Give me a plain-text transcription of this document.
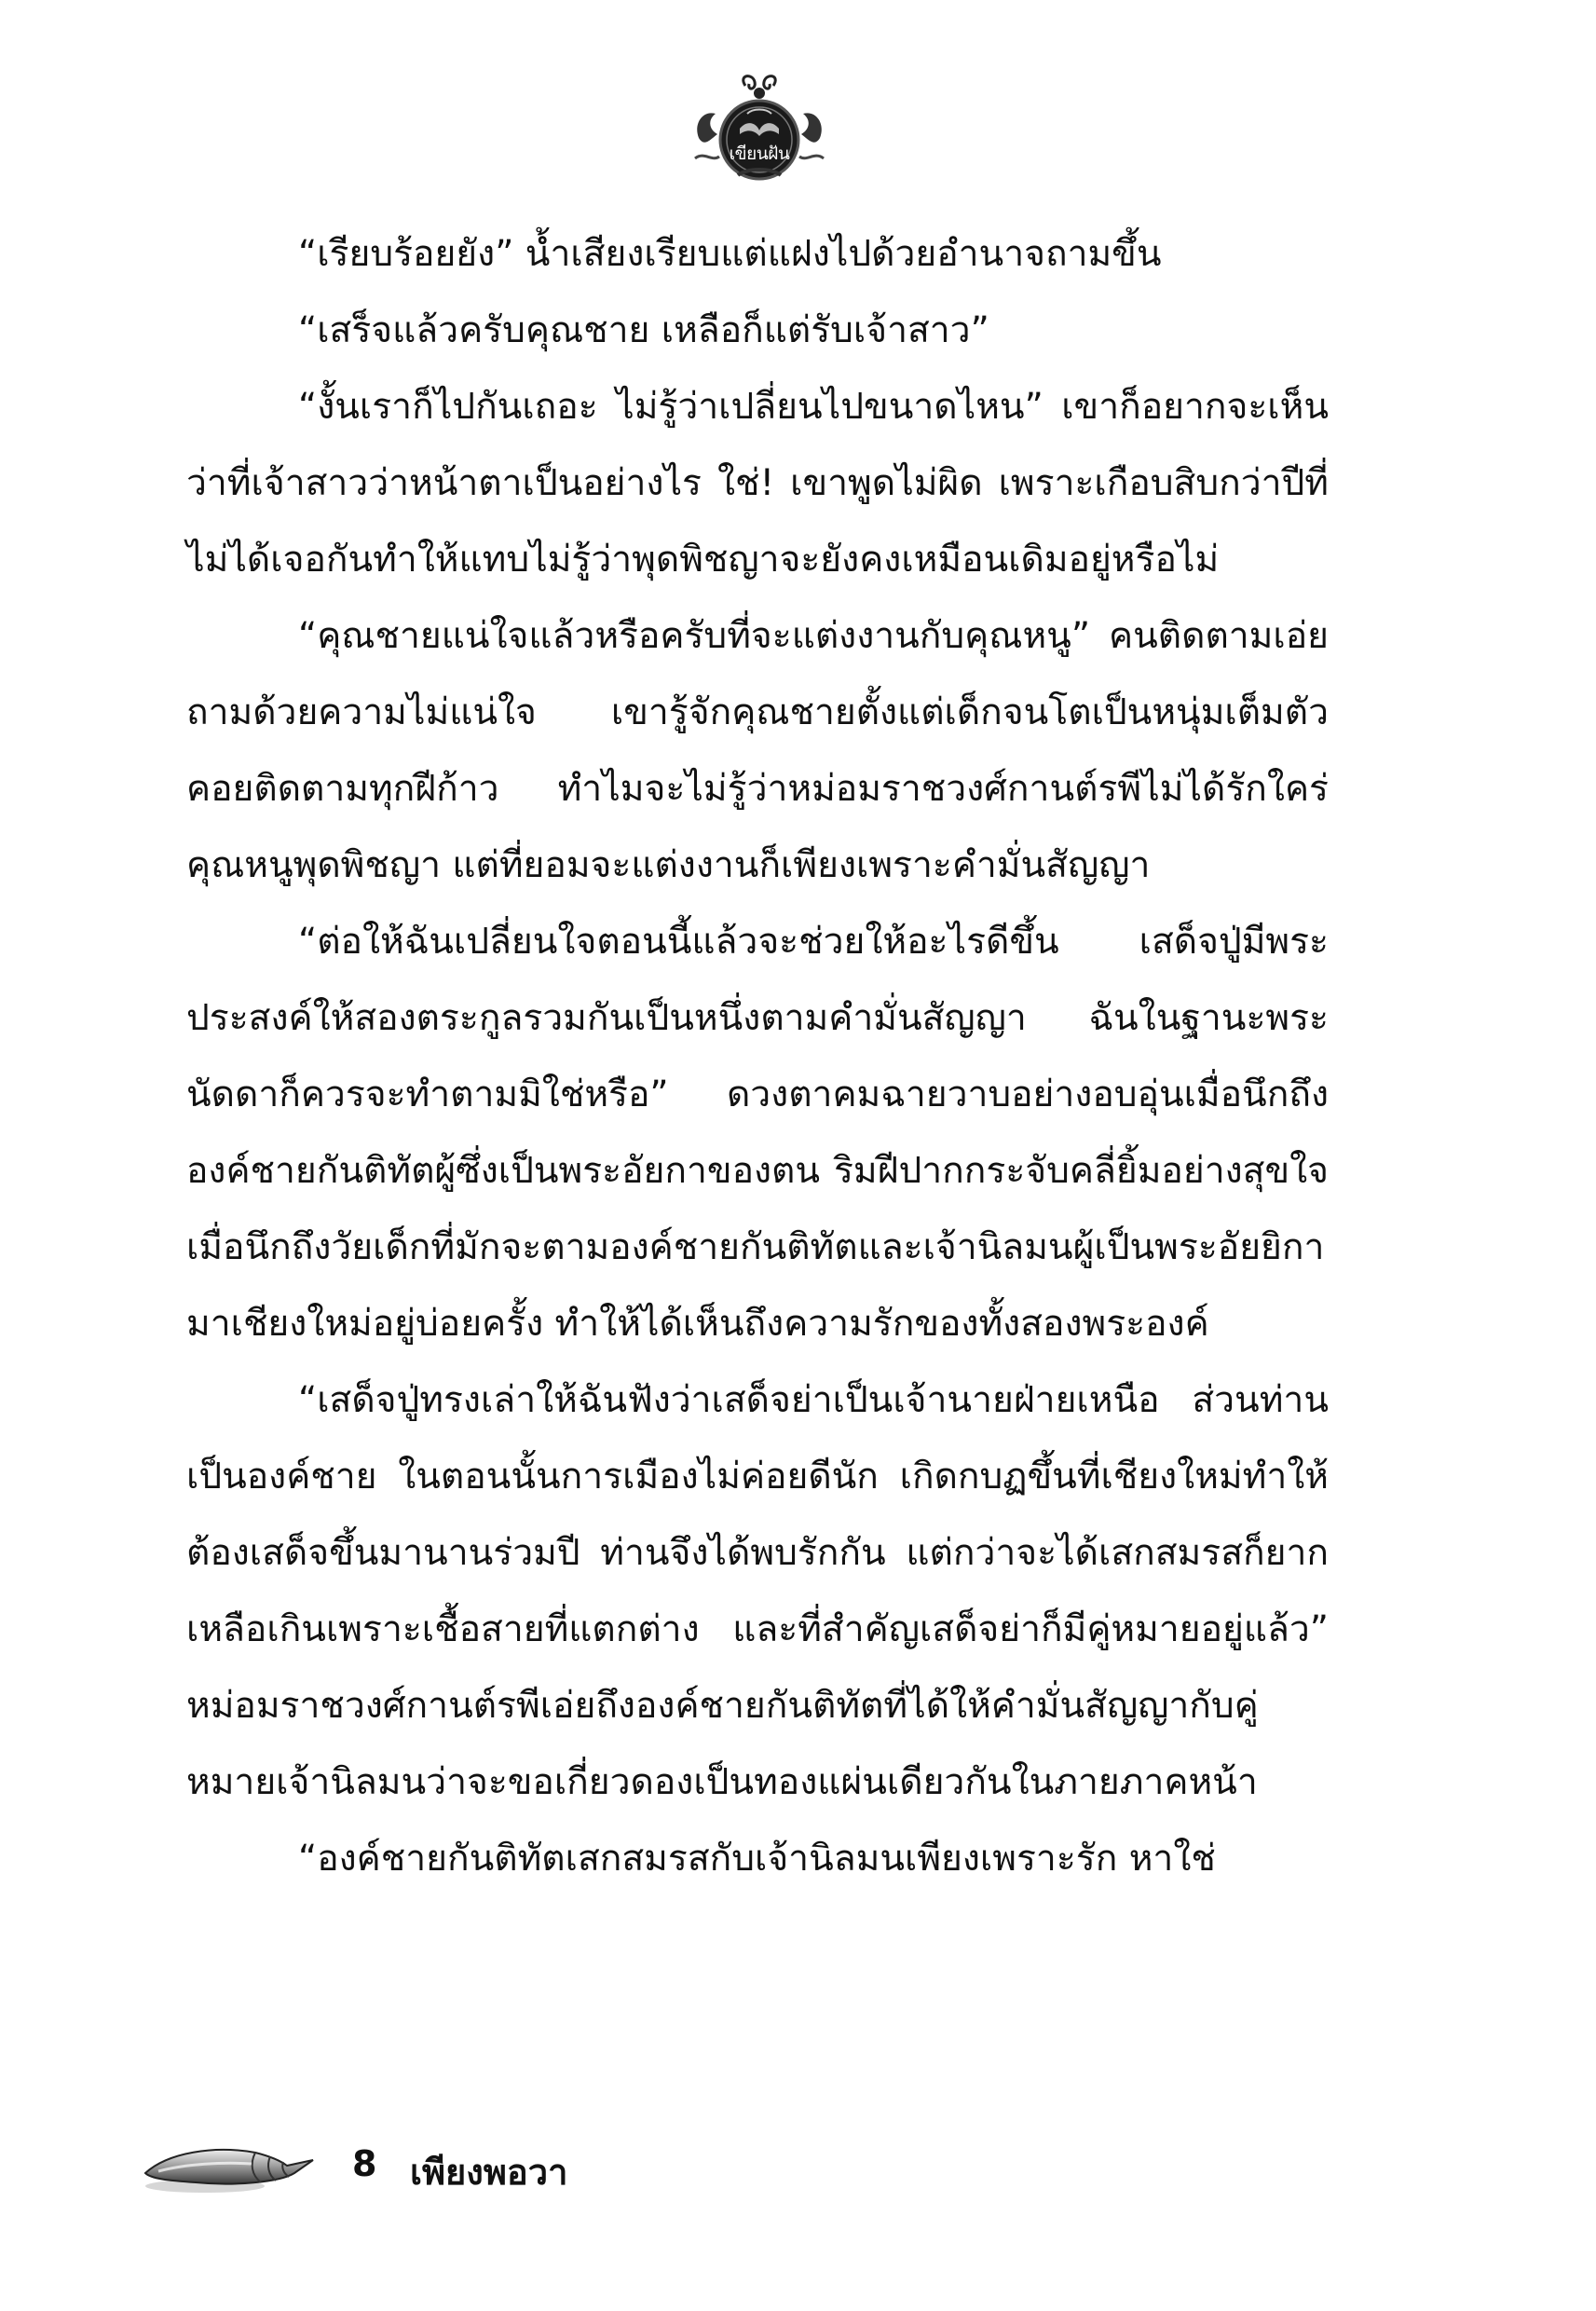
เขียนฝัน

“เรียบร้อยยัง” น้ำเสียงเรียบแต่แฝงไปด้วยอำนาจถามขึ้น

“เสร็จแล้วครับคุณชาย เหลือก็แต่รับเจ้าสาว”

“งั้นเราก็ไปกันเถอะ ไม่รู้ว่าเปลี่ยนไปขนาดไหน” เขาก็อยากจะเห็นว่าที่เจ้าสาวว่าหน้าตาเป็นอย่างไร ใช่! เขาพูดไม่ผิด เพราะเกือบสิบกว่าปีที่ไม่ได้เจอกันทำให้แทบไม่รู้ว่าพุดพิชญาจะยังคงเหมือนเดิมอยู่หรือไม่

“คุณชายแน่ใจแล้วหรือครับที่จะแต่งงานกับคุณหนู” คนติดตามเอ่ยถามด้วยความไม่แน่ใจ เขารู้จักคุณชายตั้งแต่เด็กจนโตเป็นหนุ่มเต็มตัว คอยติดตามทุกฝีก้าว ทำไมจะไม่รู้ว่าหม่อมราชวงศ์กานต์รพีไม่ได้รักใคร่คุณหนูพุดพิชญา แต่ที่ยอมจะแต่งงานก็เพียงเพราะคำมั่นสัญญา

“ต่อให้ฉันเปลี่ยนใจตอนนี้แล้วจะช่วยให้อะไรดีขึ้น เสด็จปู่มีพระประสงค์ให้สองตระกูลรวมกันเป็นหนึ่งตามคำมั่นสัญญา ฉันในฐานะพระนัดดาก็ควรจะทำตามมิใช่หรือ” ดวงตาคมฉายวาบอย่างอบอุ่นเมื่อนึกถึงองค์ชายกันติทัตผู้ซึ่งเป็นพระอัยกาของตน ริมฝีปากกระจับคลี่ยิ้มอย่างสุขใจเมื่อนึกถึงวัยเด็กที่มักจะตามองค์ชายกันติทัตและเจ้านิลมนผู้เป็นพระอัยยิกามาเชียงใหม่อยู่บ่อยครั้ง ทำให้ได้เห็นถึงความรักของทั้งสองพระองค์

“เสด็จปู่ทรงเล่าให้ฉันฟังว่าเสด็จย่าเป็นเจ้านายฝ่ายเหนือ ส่วนท่านเป็นองค์ชาย ในตอนนั้นการเมืองไม่ค่อยดีนัก เกิดกบฏขึ้นที่เชียงใหม่ทำให้ต้องเสด็จขึ้นมานานร่วมปี ท่านจึงได้พบรักกัน แต่กว่าจะได้เสกสมรสก็ยากเหลือเกินเพราะเชื้อสายที่แตกต่าง และที่สำคัญเสด็จย่าก็มีคู่หมายอยู่แล้ว” หม่อมราชวงศ์กานต์รพีเอ่ยถึงองค์ชายกันติทัตที่ได้ให้คำมั่นสัญญากับคู่หมายเจ้านิลมนว่าจะขอเกี่ยวดองเป็นทองแผ่นเดียวกันในภายภาคหน้า

“องค์ชายกันติทัตเสกสมรสกับเจ้านิลมนเพียงเพราะรัก หาใช่

8 เพียงพอวา
